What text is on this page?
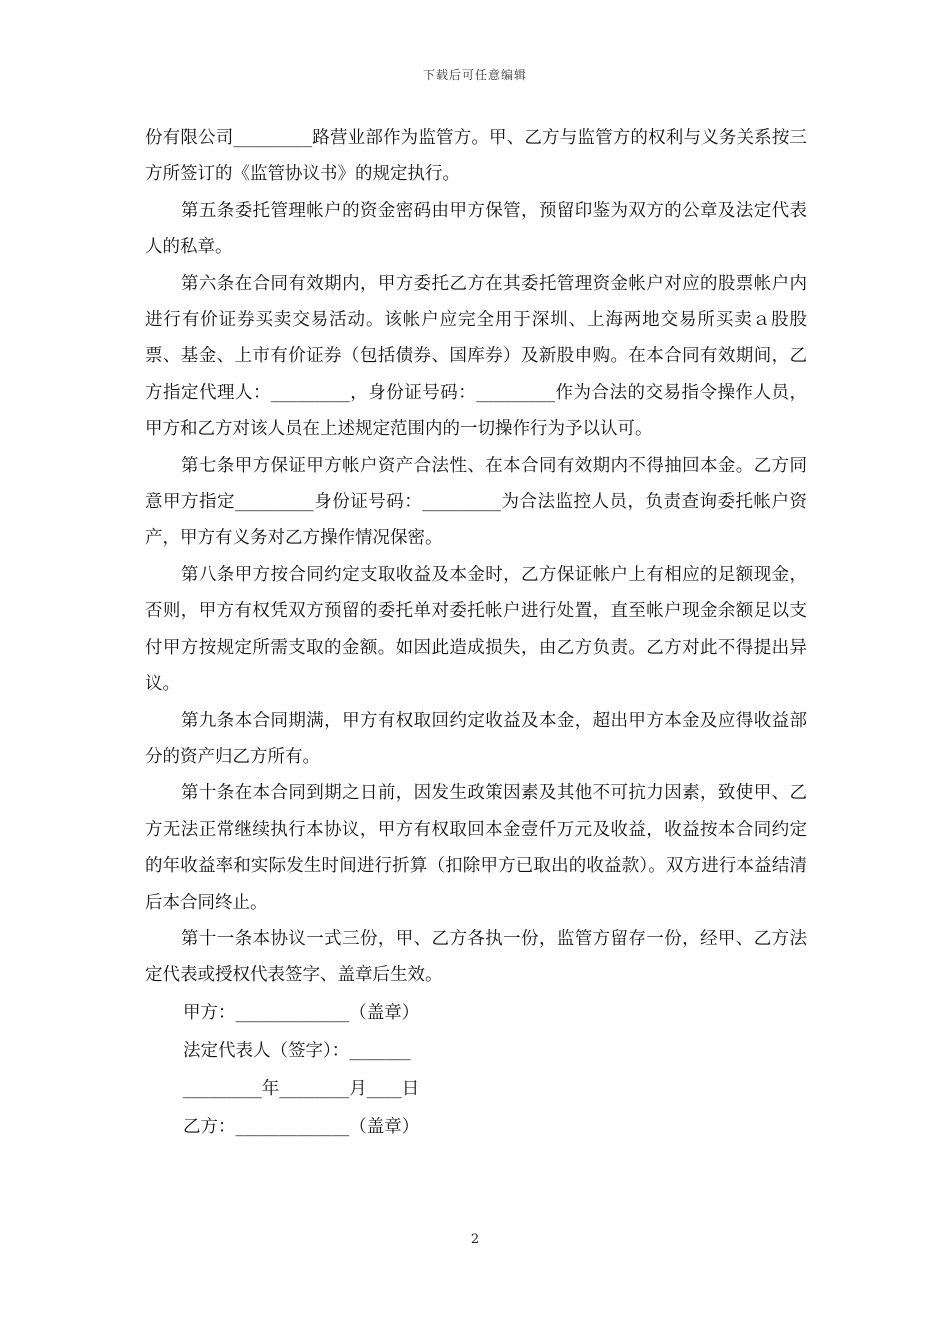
下载后可任意编辑

份有限公司_________路营业部作为监管方。甲、乙方与监管方的权利与义务关系按三方所签订的《监管协议书》的规定执行。

第五条委托管理帐户的资金密码由甲方保管，预留印鉴为双方的公章及法定代表人的私章。

第六条在合同有效期内，甲方委托乙方在其委托管理资金帐户对应的股票帐户内进行有价证券买卖交易活动。该帐户应完全用于深圳、上海两地交易所买卖ａ股股票、基金、上市有价证券（包括债券、国库券）及新股申购。在本合同有效期间，乙方指定代理人：_________，身份证号码：_________作为合法的交易指令操作人员，甲方和乙方对该人员在上述规定范围内的一切操作行为予以认可。

第七条甲方保证甲方帐户资产合法性、在本合同有效期内不得抽回本金。乙方同意甲方指定_________身份证号码：_________为合法监控人员，负责查询委托帐户资产，甲方有义务对乙方操作情况保密。

第八条甲方按合同约定支取收益及本金时，乙方保证帐户上有相应的足额现金，否则，甲方有权凭双方预留的委托单对委托帐户进行处置，直至帐户现金余额足以支付甲方按规定所需支取的金额。如因此造成损失，由乙方负责。乙方对此不得提出异议。

第九条本合同期满，甲方有权取回约定收益及本金，超出甲方本金及应得收益部分的资产归乙方所有。

第十条在本合同到期之日前，因发生政策因素及其他不可抗力因素，致使甲、乙方无法正常继续执行本协议，甲方有权取回本金壹仟万元及收益，收益按本合同约定的年收益率和实际发生时间进行折算（扣除甲方已取出的收益款）。双方进行本益结清后本合同终止。

第十一条本协议一式三份，甲、乙方各执一份，监管方留存一份，经甲、乙方法定代表或授权代表签字、盖章后生效。

甲方：_____________（盖章）

法定代表人（签字）：_______

_________年________月____日

乙方：_____________（盖章）

2
